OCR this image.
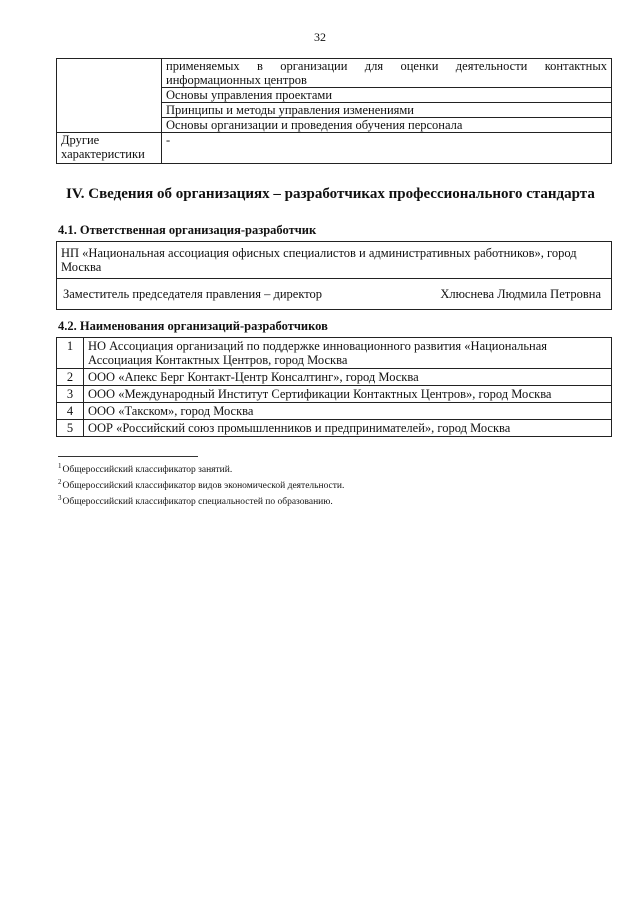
32
	применяемых в организации для оценки деятельности контактных информационных центров
	Основы управления проектами
	Принципы и методы управления изменениями
	Основы организации и проведения обучения персонала
Другие характеристики	-
IV. Сведения об организациях – разработчиках профессионального стандарта
4.1. Ответственная организация-разработчик
НП «Национальная ассоциация офисных специалистов и административных работников», город Москва

Заместитель председателя правления – директор	Хлюснева Людмила Петровна
4.2. Наименования организаций-разработчиков
1	НО Ассоциация организаций по поддержке инновационного развития «Национальная Ассоциация Контактных Центров, город Москва
2	ООО «Апекс Берг Контакт-Центр Консалтинг», город Москва
3	ООО «Международный Институт Сертификации Контактных Центров», город Москва
4	ООО «Такском», город Москва
5	ООР «Российский союз промышленников и предпринимателей», город Москва
$^1$Общероссийский классификатор занятий.
$^2$Общероссийский классификатор видов экономической деятельности.
$^3$Общероссийский классификатор специальностей по образованию.
